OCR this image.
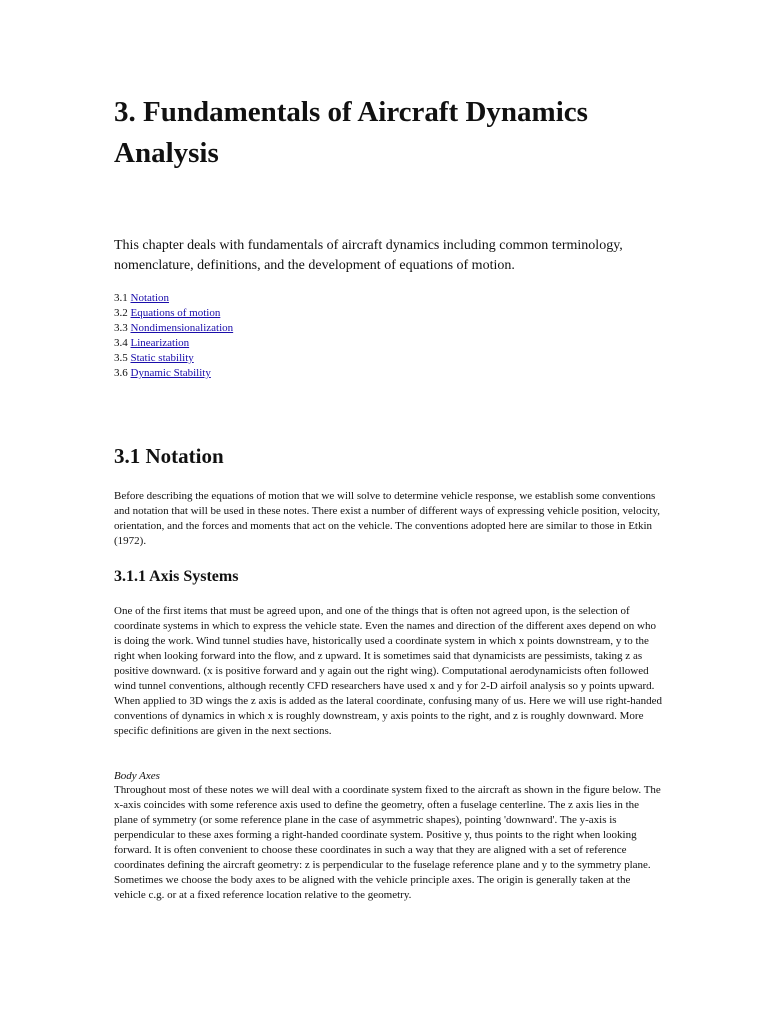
3. Fundamentals of Aircraft Dynamics Analysis

This chapter deals with fundamentals of aircraft dynamics including common terminology, nomenclature, definitions, and the development of equations of motion.

3.1 Notation
3.2 Equations of motion
3.3 Nondimensionalization
3.4 Linearization
3.5 Static stability
3.6 Dynamic Stability
3.1 Notation

Before describing the equations of motion that we will solve to determine vehicle response, we establish some conventions and notation that will be used in these notes. There exist a number of different ways of expressing vehicle position, velocity, orientation, and the forces and moments that act on the vehicle. The conventions adopted here are similar to those in Etkin (1972).

3.1.1 Axis Systems

One of the first items that must be agreed upon, and one of the things that is often not agreed upon, is the selection of coordinate systems in which to express the vehicle state. Even the names and direction of the different axes depend on who is doing the work. Wind tunnel studies have, historically used a coordinate system in which x points downstream, y to the right when looking forward into the flow, and z upward. It is sometimes said that dynamicists are pessimists, taking z as positive downward. (x is positive forward and y again out the right wing). Computational aerodynamicists often followed wind tunnel conventions, although recently CFD researchers have used x and y for 2-D airfoil analysis so y points upward. When applied to 3D wings the z axis is added as the lateral coordinate, confusing many of us. Here we will use right-handed conventions of dynamics in which x is roughly downstream, y axis points to the right, and z is roughly downward. More specific definitions are given in the next sections.

Body Axes

Throughout most of these notes we will deal with a coordinate system fixed to the aircraft as shown in the figure below. The x-axis coincides with some reference axis used to define the geometry, often a fuselage centerline. The z axis lies in the plane of symmetry (or some reference plane in the case of asymmetric shapes), pointing 'downward'. The y-axis is perpendicular to these axes forming a right-handed coordinate system. Positive y, thus points to the right when looking forward. It is often convenient to choose these coordinates in such a way that they are aligned with a set of reference coordinates defining the aircraft geometry: z is perpendicular to the fuselage reference plane and y to the symmetry plane. Sometimes we choose the body axes to be aligned with the vehicle principle axes. The origin is generally taken at the vehicle c.g. or at a fixed reference location relative to the geometry.
